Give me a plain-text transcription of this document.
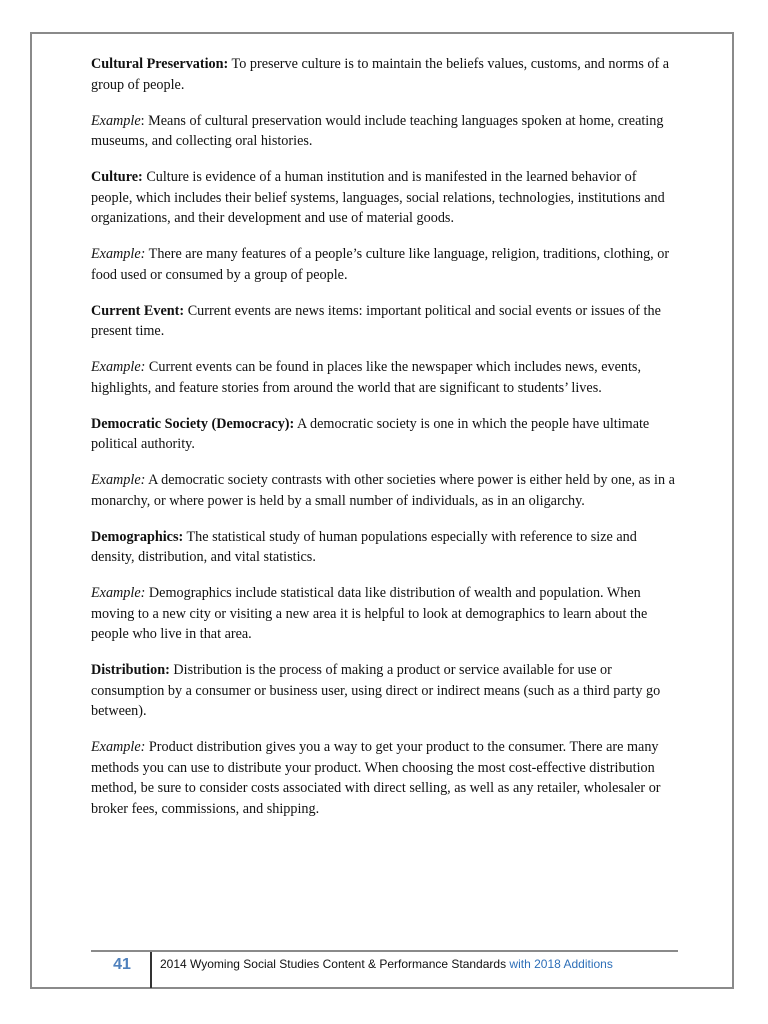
Cultural Preservation: To preserve culture is to maintain the beliefs values, customs, and norms of a group of people.

Example: Means of cultural preservation would include teaching languages spoken at home, creating museums, and collecting oral histories.

Culture: Culture is evidence of a human institution and is manifested in the learned behavior of people, which includes their belief systems, languages, social relations, technologies, institutions and organizations, and their development and use of material goods.

Example: There are many features of a people’s culture like language, religion, traditions, clothing, or food used or consumed by a group of people.

Current Event: Current events are news items: important political and social events or issues of the present time.

Example: Current events can be found in places like the newspaper which includes news, events, highlights, and feature stories from around the world that are significant to students’ lives.

Democratic Society (Democracy): A democratic society is one in which the people have ultimate political authority.

Example: A democratic society contrasts with other societies where power is either held by one, as in a monarchy, or where power is held by a small number of individuals, as in an oligarchy.

Demographics: The statistical study of human populations especially with reference to size and density, distribution, and vital statistics.

Example: Demographics include statistical data like distribution of wealth and population. When moving to a new city or visiting a new area it is helpful to look at demographics to learn about the people who live in that area.

Distribution: Distribution is the process of making a product or service available for use or consumption by a consumer or business user, using direct or indirect means (such as a third party go between).

Example: Product distribution gives you a way to get your product to the consumer. There are many methods you can use to distribute your product. When choosing the most cost-effective distribution method, be sure to consider costs associated with direct selling, as well as any retailer, wholesaler or broker fees, commissions, and shipping.

41	2014 Wyoming Social Studies Content & Performance Standards with 2018 Additions
